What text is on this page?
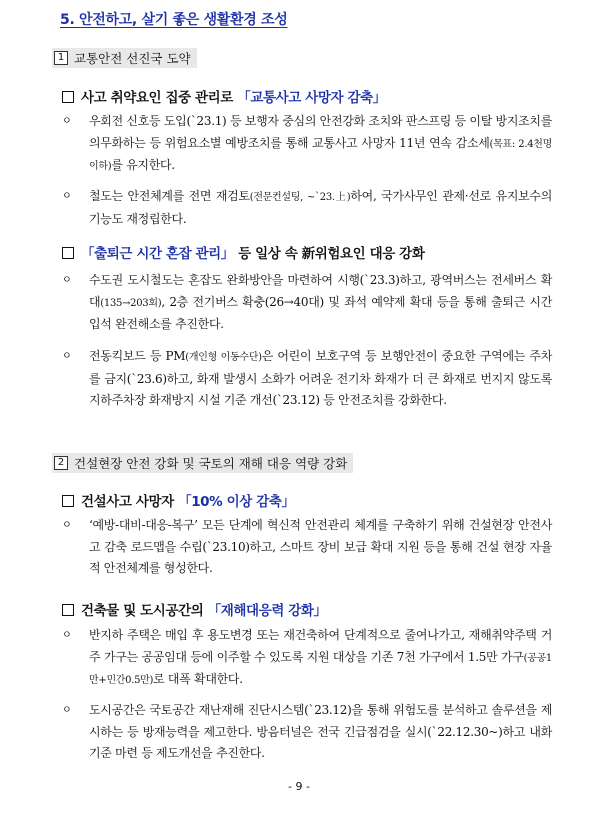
5. 안전하고, 살기 좋은 생활환경 조성
1 교통안전 선진국 도약
사고 취약요인 집중 관리로 「교통사고 사망자 감축」
ㅇ 우회전 신호등 도입(`23.1) 등 보행자 중심의 안전강화 조치와 판스프링 등 이탈 방지조치를 의무화하는 등 위험요소별 예방조치를 통해 교통사고 사망자 11년 연속 감소세(목표: 2.4천명 이하)를 유지한다.
ㅇ 철도는 안전체계를 전면 재검토(전문컨설팅, ~`23.上)하여, 국가사무인 관제·선로 유지보수의 기능도 재정립한다.
「출퇴근 시간 혼잡 관리」 등 일상 속 新위험요인 대응 강화
ㅇ 수도권 도시철도는 혼잡도 완화방안을 마련하여 시행(`23.3)하고, 광역버스는 전세버스 확대(135→203회), 2층 전기버스 확충(26→40대) 및 좌석 예약제 확대 등을 통해 출퇴근 시간 입석 완전해소를 추진한다.
ㅇ 전동킥보드 등 PM(개인형 이동수단)은 어린이 보호구역 등 보행안전이 중요한 구역에는 주차를 금지(`23.6)하고, 화재 발생시 소화가 어려운 전기차 화재가 더 큰 화재로 번지지 않도록 지하주차장 화재방지 시설 기준 개선(`23.12) 등 안전조치를 강화한다.
2 건설현장 안전 강화 및 국토의 재해 대응 역량 강화
건설사고 사망자 「10% 이상 감축」
ㅇ ‘예방-대비-대응-복구’ 모든 단계에 혁신적 안전관리 체계를 구축하기 위해 건설현장 안전사고 감축 로드맵을 수립(`23.10)하고, 스마트 장비 보급 확대 지원 등을 통해 건설 현장 자율적 안전체계를 형성한다.
건축물 및 도시공간의 「재해대응력 강화」
ㅇ 반지하 주택은 매입 후 용도변경 또는 재건축하여 단계적으로 줄여나가고, 재해취약주택 거주 가구는 공공임대 등에 이주할 수 있도록 지원 대상을 기존 7천 가구에서 1.5만 가구(공공1만+민간0.5만)로 대폭 확대한다.
ㅇ 도시공간은 국토공간 재난재해 진단시스템(`23.12)을 통해 위험도를 분석하고 솔루션을 제시하는 등 방재능력을 제고한다. 방음터널은 전국 긴급점검을 실시(`22.12.30~)하고 내화기준 마련 등 제도개선을 추진한다.
- 9 -
